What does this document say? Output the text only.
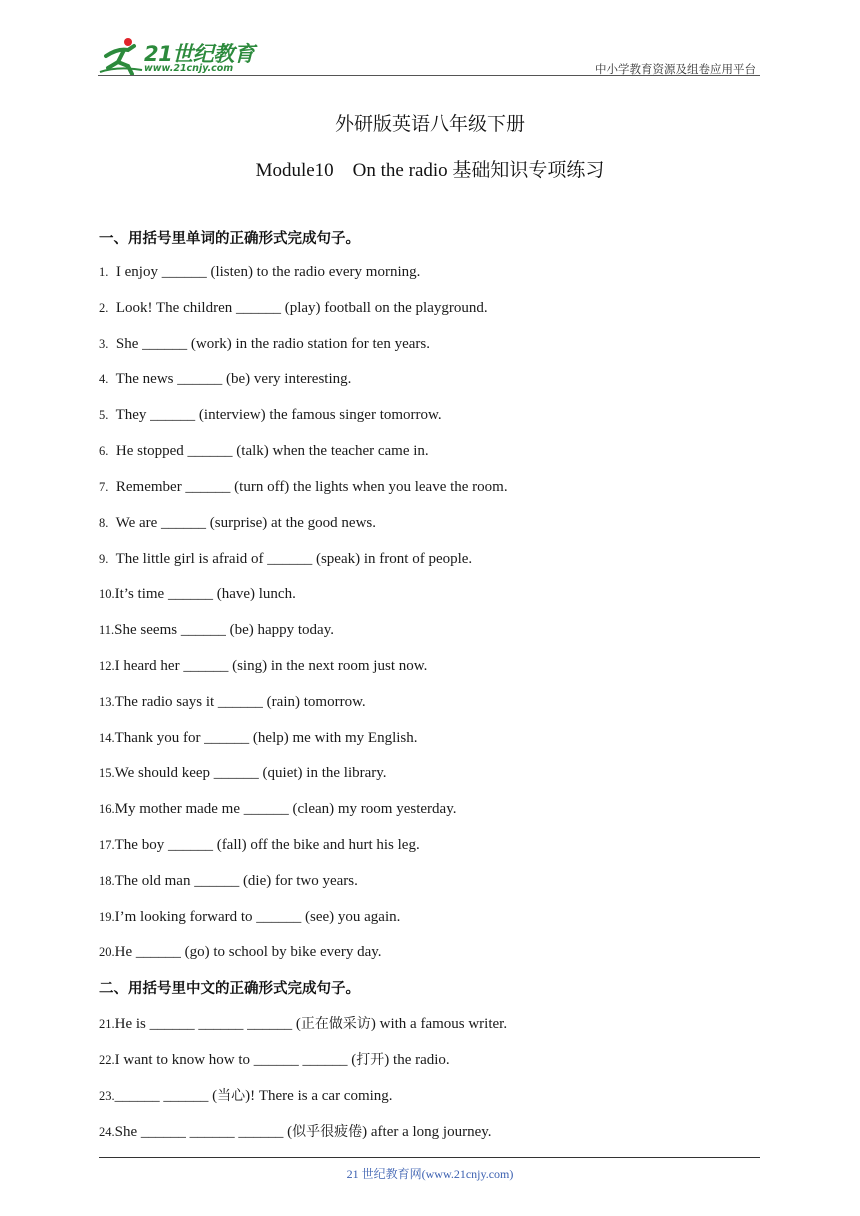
21世纪教育
www.21cnjy.com	中小学教育资源及组卷应用平台
外研版英语八年级下册
Module10    On the radio 基础知识专项练习
一、用括号里单词的正确形式完成句子。
1. I enjoy ______ (listen) to the radio every morning.
2. Look! The children ______ (play) football on the playground.
3. She ______ (work) in the radio station for ten years.
4. The news ______ (be) very interesting.
5. They ______ (interview) the famous singer tomorrow.
6. He stopped ______ (talk) when the teacher came in.
7. Remember ______ (turn off) the lights when you leave the room.
8. We are ______ (surprise) at the good news.
9. The little girl is afraid of ______ (speak) in front of people.
10.It’s time ______ (have) lunch.
11.She seems ______ (be) happy today.
12.I heard her ______ (sing) in the next room just now.
13.The radio says it ______ (rain) tomorrow.
14.Thank you for ______ (help) me with my English.
15.We should keep ______ (quiet) in the library.
16.My mother made me ______ (clean) my room yesterday.
17.The boy ______ (fall) off the bike and hurt his leg.
18.The old man ______ (die) for two years.
19.I’m looking forward to ______ (see) you again.
20.He ______ (go) to school by bike every day.
二、用括号里中文的正确形式完成句子。
21.He is ______ ______ ______ (正在做采访) with a famous writer.
22.I want to know how to ______ ______ (打开) the radio.
23.______ ______ (当心)! There is a car coming.
24.She ______ ______ ______ (似乎很疲倦) after a long journey.
21 世纪教育网(www.21cnjy.com)
